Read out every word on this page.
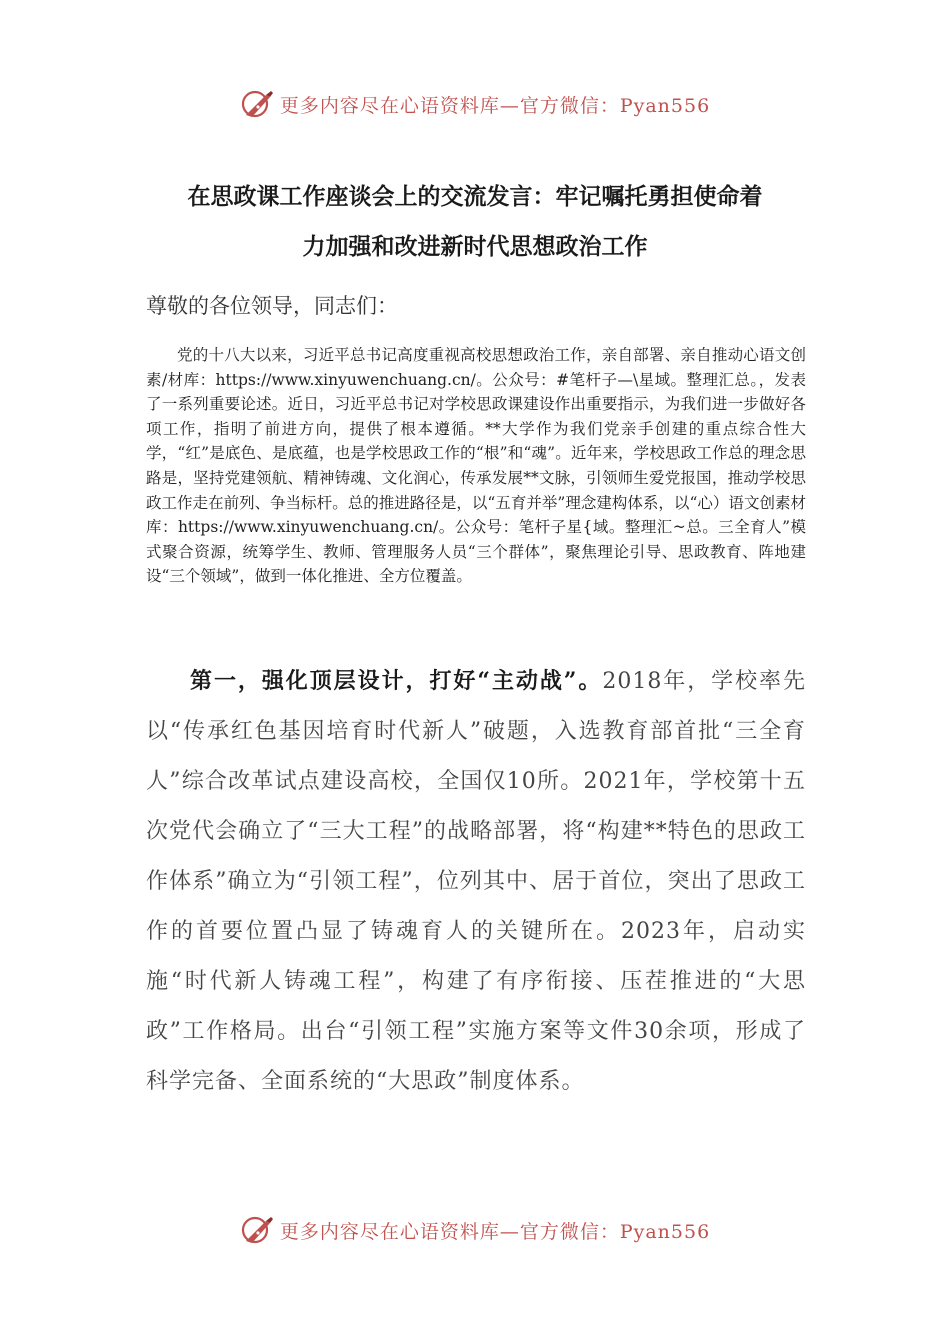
更多内容尽在心语资料库—官方微信：Pyan556
在思政课工作座谈会上的交流发言：牢记嘱托勇担使命着
力加强和改进新时代思想政治工作
尊敬的各位领导，同志们：
党的十八大以来，习近平总书记高度重视高校思想政治工作，亲自部署、亲自推动心语文创素/材库：https://www.xinyuwenchuang.cn/。公众号：#笔杆子—\星域。整理汇总。，发表了一系列重要论述。近日，习近平总书记对学校思政课建设作出重要指示，为我们进一步做好各项工作，指明了前进方向，提供了根本遵循。**大学作为我们党亲手创建的重点综合性大学，“红”是底色、是底蕴，也是学校思政工作的“根”和“魂”。近年来，学校思政工作总的理念思路是，坚持党建领航、精神铸魂、文化润心，传承发展**文脉，引领师生爱党报国，推动学校思政工作走在前列、争当标杆。总的推进路径是，以“五育并举”理念建构体系，以“心）语文创素材库：https://www.xinyuwenchuang.cn/。公众号：笔杆子星{域。整理汇~总。三全育人”模式聚合资源，统筹学生、教师、管理服务人员“三个群体”，聚焦理论引导、思政教育、阵地建设“三个领域”，做到一体化推进、全方位覆盖。
第一，强化顶层设计，打好“主动战”。2018年，学校率先以“传承红色基因培育时代新人”破题，入选教育部首批“三全育人”综合改革试点建设高校，全国仅10所。2021年，学校第十五次党代会确立了“三大工程”的战略部署，将“构建**特色的思政工作体系”确立为“引领工程”，位列其中、居于首位，突出了思政工作的首要位置凸显了铸魂育人的关键所在。2023年，启动实施“时代新人铸魂工程”，构建了有序衔接、压茬推进的“大思政”工作格局。出台“引领工程”实施方案等文件30余项，形成了科学完备、全面系统的“大思政”制度体系。
更多内容尽在心语资料库—官方微信：Pyan556
